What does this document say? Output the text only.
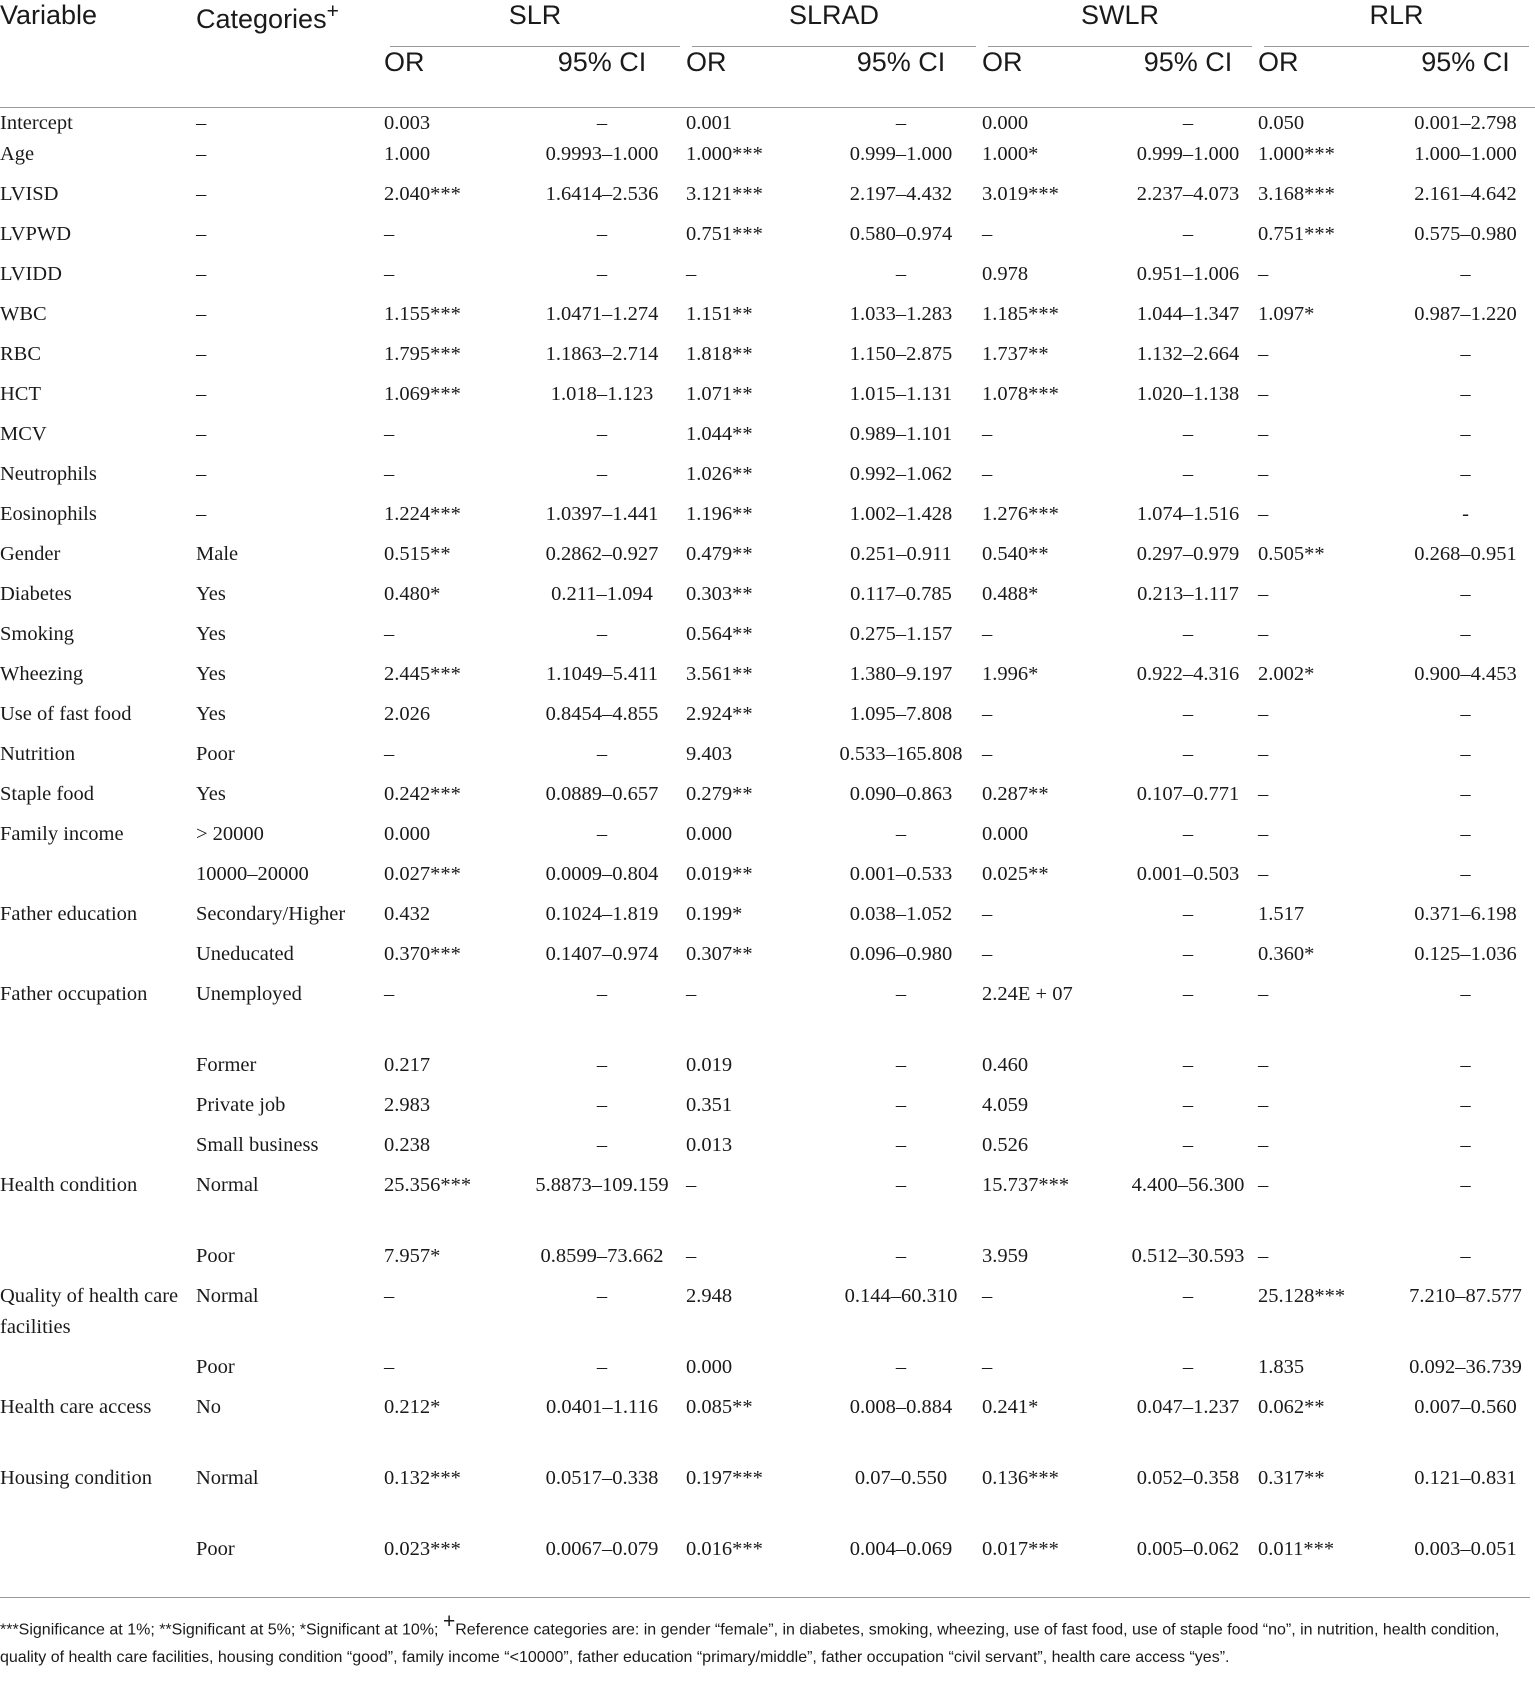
Variable	Categories+	SLR		SLRAD		SWLR		RLR	

		OR	95% CI	OR	95% CI	OR	95% CI	OR	95% CI
Intercept	–	0.003	–	0.001	–	0.000	–	0.050	0.001–2.798
Age	–	1.000	0.9993–1.000	1.000***	0.999–1.000	1.000*	0.999–1.000	1.000***	1.000–1.000
LVISD	–	2.040***	1.6414–2.536	3.121***	2.197–4.432	3.019***	2.237–4.073	3.168***	2.161–4.642
LVPWD	–	–	–	0.751***	0.580–0.974	–	–	0.751***	0.575–0.980
LVIDD	–	–	–	–	–	0.978	0.951–1.006	–	–
WBC	–	1.155***	1.0471–1.274	1.151**	1.033–1.283	1.185***	1.044–1.347	1.097*	0.987–1.220
RBC	–	1.795***	1.1863–2.714	1.818**	1.150–2.875	1.737**	1.132–2.664	–	–
HCT	–	1.069***	1.018–1.123	1.071**	1.015–1.131	1.078***	1.020–1.138	–	–
MCV	–	–	–	1.044**	0.989–1.101	–	–	–	–
Neutrophils	–	–	–	1.026**	0.992–1.062	–	–	–	–
Eosinophils	–	1.224***	1.0397–1.441	1.196**	1.002–1.428	1.276***	1.074–1.516	–	-
Gender	Male	0.515**	0.2862–0.927	0.479**	0.251–0.911	0.540**	0.297–0.979	0.505**	0.268–0.951
Diabetes	Yes	0.480*	0.211–1.094	0.303**	0.117–0.785	0.488*	0.213–1.117	–	–
Smoking	Yes	–	–	0.564**	0.275–1.157	–	–	–	–
Wheezing	Yes	2.445***	1.1049–5.411	3.561**	1.380–9.197	1.996*	0.922–4.316	2.002*	0.900–4.453
Use of fast food	Yes	2.026	0.8454–4.855	2.924**	1.095–7.808	–	–	–	–
Nutrition	Poor	–	–	9.403	0.533–165.808	–	–	–	–
Staple food	Yes	0.242***	0.0889–0.657	0.279**	0.090–0.863	0.287**	0.107–0.771	–	–
Family income	> 20000	0.000	–	0.000	–	0.000	–	–	–
	10000–20000	0.027***	0.0009–0.804	0.019**	0.001–0.533	0.025**	0.001–0.503	–	–
Father education	Secondary/Higher	0.432	0.1024–1.819	0.199*	0.038–1.052	–	–	1.517	0.371–6.198
	Uneducated	0.370***	0.1407–0.974	0.307**	0.096–0.980	–	–	0.360*	0.125–1.036
Father occupation	Unemployed	–	–	–	–	2.24E + 07	–	–	–
	Former	0.217	–	0.019	–	0.460	–	–	–
	Private job	2.983	–	0.351	–	4.059	–	–	–
	Small business	0.238	–	0.013	–	0.526	–	–	–
Health condition	Normal	25.356***	5.8873–109.159	–	–	15.737***	4.400–56.300	–	–
	Poor	7.957*	0.8599–73.662	–	–	3.959	0.512–30.593	–	–
Quality of health care facilities	Normal	–	–	2.948	0.144–60.310	–	–	25.128***	7.210–87.577
	Poor	–	–	0.000	–	–	–	1.835	0.092–36.739
Health care access	No	0.212*	0.0401–1.116	0.085**	0.008–0.884	0.241*	0.047–1.237	0.062**	0.007–0.560
Housing condition	Normal	0.132***	0.0517–0.338	0.197***	0.07–0.550	0.136***	0.052–0.358	0.317**	0.121–0.831
	Poor	0.023***	0.0067–0.079	0.016***	0.004–0.069	0.017***	0.005–0.062	0.011***	0.003–0.051
***Significance at 1%; **Significant at 5%; *Significant at 10%; +Reference categories are: in gender “female”, in diabetes, smoking, wheezing, use of fast food, use of staple food “no”, in nutrition, health condition, quality of health care facilities, housing condition “good”, family income “<10000”, father education “primary/middle”, father occupation “civil servant”, health care access “yes”.
